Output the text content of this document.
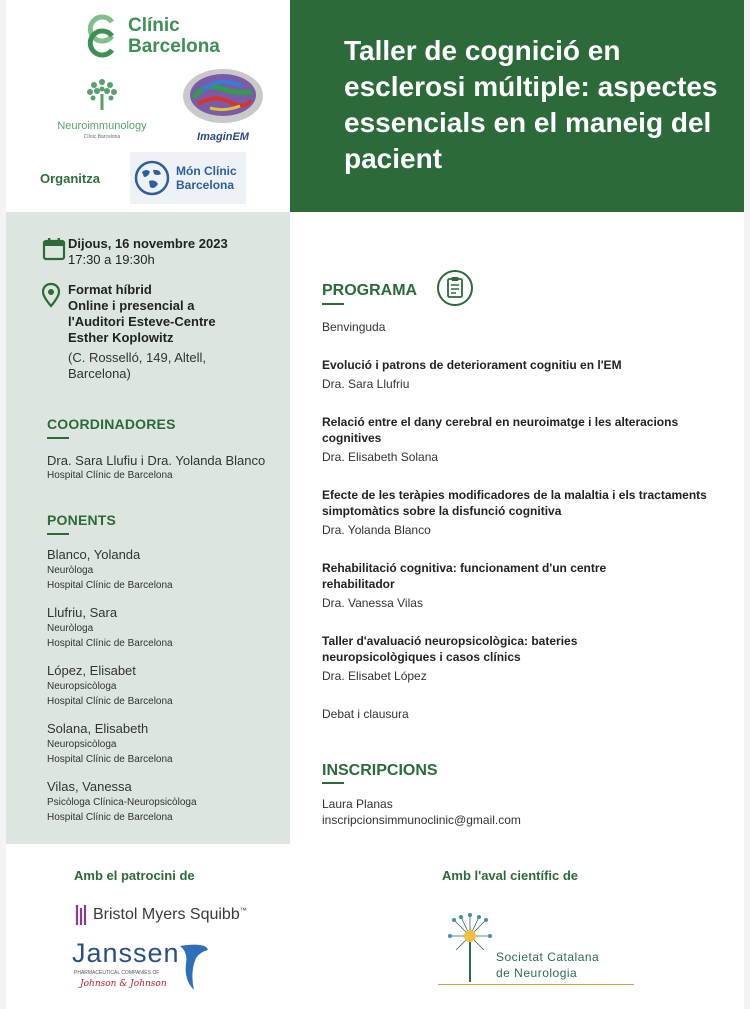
Clínic
Barcelona
Neuroimmunology
Clínic Barcelona	ImaginEM
Organitza	Món Clínic
Barcelona
Taller de cognició en esclerosi múltiple: aspectes essencials en el maneig del pacient
Dijous, 16 novembre 2023
17:30 a 19:30h
Format híbrid
Online i presencial a
l'Auditori Esteve-Centre
Esther Koplowitz
(C. Rosselló, 149, Altell,
Barcelona)
COORDINADORES
Dra. Sara Llufiu i Dra. Yolanda Blanco
Hospital Clínic de Barcelona
PONENTS
Blanco, Yolanda
Neuròloga
Hospital Clínic de Barcelona
Llufriu, Sara
Neuròloga
Hospital Clínic de Barcelona
López, Elisabet
Neuropsicòloga
Hospital Clínic de Barcelona
Solana, Elisabeth
Neuropsicòloga
Hospital Clínic de Barcelona
Vilas, Vanessa
Psicòloga Clínica-Neuropsicòloga
Hospital Clínic de Barcelona
PROGRAMA
Benvinguda
Evolució i patrons de deteriorament cognitiu en l'EM
Dra. Sara Llufriu
Relació entre el dany cerebral en neuroimatge i les alteracions cognitives
Dra. Elisabeth Solana
Efecte de les teràpies modificadores de la malaltia i els tractaments simptomàtics sobre la disfunció cognitiva
Dra. Yolanda Blanco
Rehabilitació cognitiva: funcionament d'un centre rehabilitador
Dra. Vanessa Vilas
Taller d'avaluació neuropsicològica: bateries neuropsicològiques i casos clínics
Dra. Elisabet López
Debat i clausura
INSCRIPCIONS
Laura Planas
inscripcionsimmunoclinic@gmail.com
Amb el patrocini de
Bristol Myers Squibb™
Janssen
PHARMACEUTICAL COMPANIES OF
Johnson & Johnson
Amb l'aval científic de
Societat Catalana
de Neurologia
